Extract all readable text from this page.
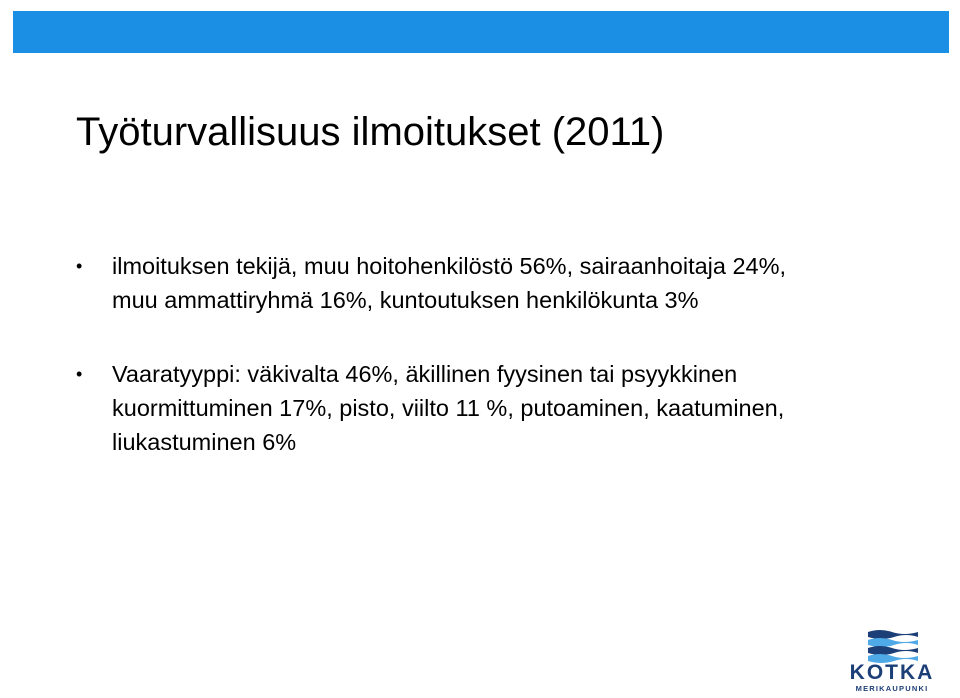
Työturvallisuus ilmoitukset (2011)
• ilmoituksen tekijä, muu hoitohenkilöstö 56%, sairaanhoitaja 24%, muu ammattiryhmä 16%, kuntoutuksen henkilökunta 3%
• Vaaratyyppi: väkivalta 46%, äkillinen fyysinen tai psyykkinen kuormittuminen 17%, pisto, viilto 11 %, putoaminen, kaatuminen, liukastuminen 6%
KOTKA
MERIKAUPUNKI
